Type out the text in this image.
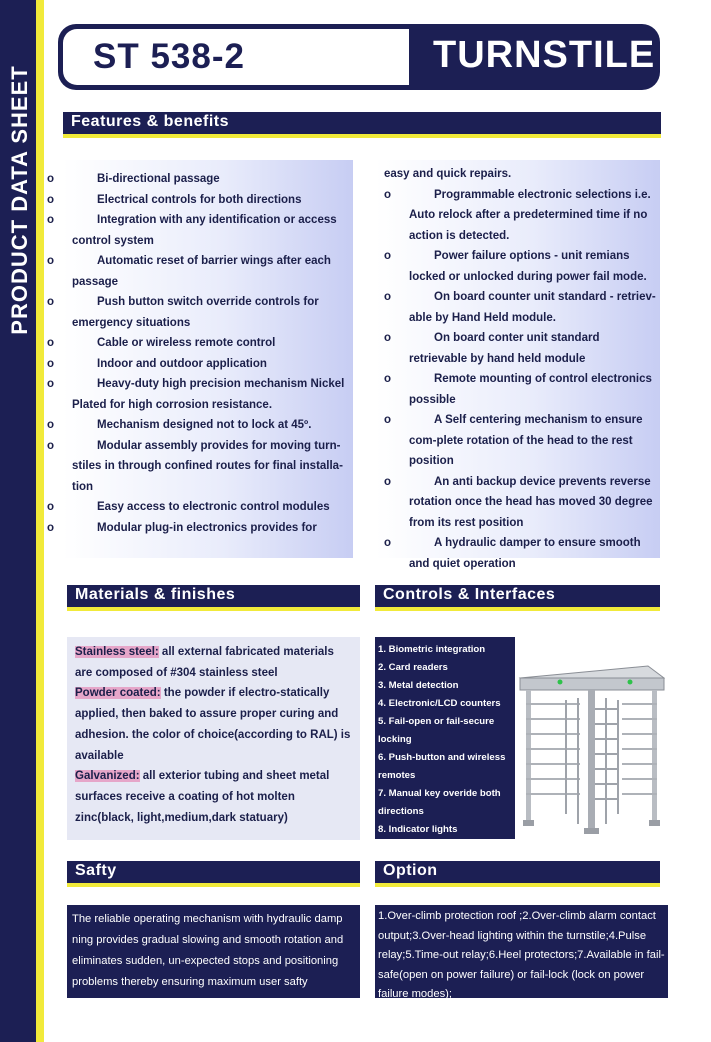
PRODUCT DATA SHEET
ST 538-2	TURNSTILE
Features & benefits
o Bi-directional passage
o Electrical controls for both directions
o Integration with any identification or access control system
o Automatic reset of barrier wings after each passage
o Push button switch override controls for emergency situations
o Cable or wireless remote control
o Indoor and outdoor application
o Heavy-duty high precision mechanism Nickel Plated for high corrosion resistance.
o Mechanism designed not to lock at 45º.
o Modular assembly provides for moving turn-stiles in through confined routes for final installa-tion
o Easy access to electronic control modules
o Modular plug-in electronics provides for
easy and quick repairs.
o Programmable electronic selections i.e. Auto relock after a predetermined time if no action is detected.
o Power failure options - unit remians locked or unlocked during power fail mode.
o On board counter unit standard - retriev-able by Hand Held module.
o On board conter unit standard retrievable by hand held module
o Remote mounting of control electronics possible
o A Self centering mechanism to ensure com-plete rotation of the head to the rest position
o An anti backup device prevents reverse rotation once the head has moved 30 degree from its rest position
o A hydraulic damper to ensure smooth and quiet operation
Materials & finishes
Stainless steel: all external fabricated materials are composed of #304 stainless steel
Powder coated: the powder if electro-statically applied, then baked to assure proper curing and adhesion. the color of choice(according to RAL) is available
Galvanized: all exterior tubing and sheet metal surfaces receive a coating of hot molten zinc(black, light,medium,dark statuary)
Controls & Interfaces
1. Biometric integration
2. Card readers
3. Metal detection
4. Electronic/LCD counters
5. Fail-open or fail-secure locking
6. Push-button and wireless remotes
7. Manual key overide both directions
8. Indicator lights
Safty
The reliable operating mechanism with hydraulic damp ning provides gradual slowing and smooth rotation and eliminates sudden, un-expected stops and positioning problems thereby ensuring maximum user safty
Option
1.Over-climb protection roof ;2.Over-climb alarm contact output;3.Over-head lighting within the turnstile;4.Pulse relay;5.Time-out relay;6.Heel protectors;7.Available in fail-safe(open on power failure) or fail-lock (lock on power failure modes);
